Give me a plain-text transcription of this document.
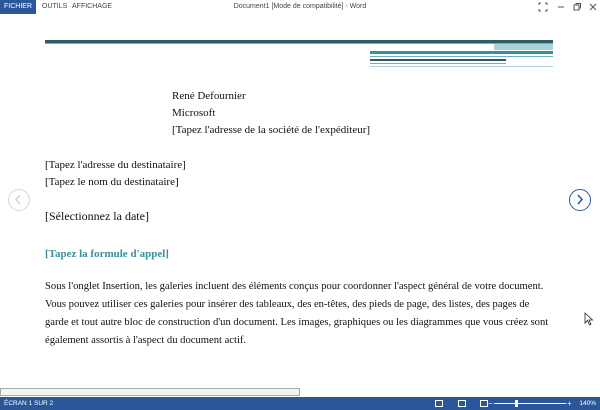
FICHIER	OUTILS AFFICHAGE	Document1 [Mode de compatibilité] - Word
René Defournier
Microsoft
[Tapez l'adresse de la société de l'expéditeur]
[Tapez l'adresse du destinataire]
[Tapez le nom du destinataire]
[Sélectionnez la date]
[Tapez la formule d'appel]
Sous l'onglet Insertion, les galeries incluent des éléments conçus pour coordonner l'aspect général de votre document. Vous pouvez utiliser ces galeries pour insérer des tableaux, des en-têtes, des pieds de page, des listes, des pages de garde et tout autre bloc de construction d'un document. Les images, graphiques ou les diagrammes que vous créez sont également assortis à l'aspect du document actif.
ÉCRAN 1 SUR 2	−	+ 140%
